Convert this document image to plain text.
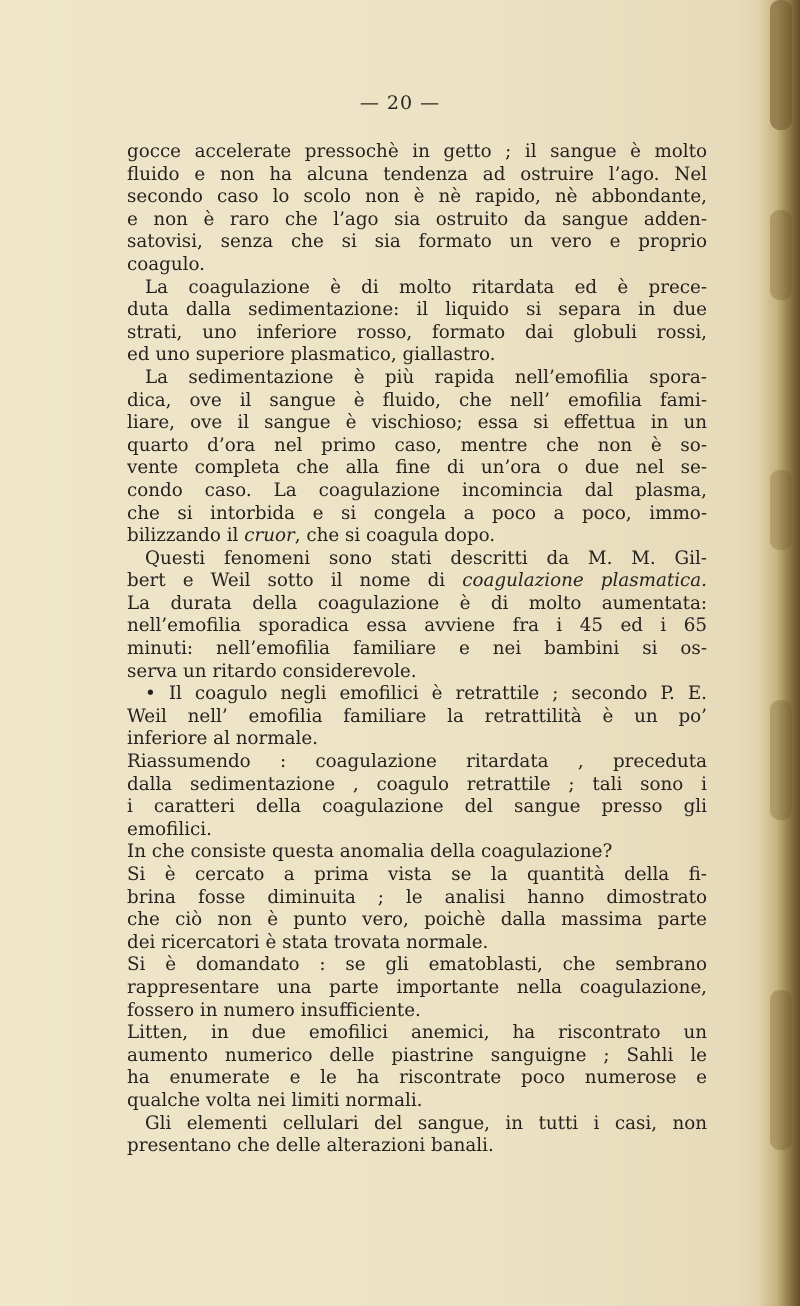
— 20 —
gocce accelerate pressochè in getto ; il sangue è molto
fluido e non ha alcuna tendenza ad ostruire l’ago. Nel
secondo caso lo scolo non è nè rapido, nè abbondante,
e non è raro che l’ago sia ostruito da sangue adden-
satovisi, senza che si sia formato un vero e proprio
coagulo.
La coagulazione è di molto ritardata ed è prece-
duta dalla sedimentazione: il liquido si separa in due
strati, uno inferiore rosso, formato dai globuli rossi,
ed uno superiore plasmatico, giallastro.
La sedimentazione è più rapida nell’emofilia spora-
dica, ove il sangue è fluido, che nell’ emofilia fami-
liare, ove il sangue è vischioso; essa si effettua in un
quarto d’ora nel primo caso, mentre che non è so-
vente completa che alla fine di un’ora o due nel se-
condo caso. La coagulazione incomincia dal plasma,
che si intorbida e si congela a poco a poco, immo-
bilizzando il cruor, che si coagula dopo.
Questi fenomeni sono stati descritti da M. M. Gil-
bert e Weil sotto il nome di coagulazione plasmatica.
La durata della coagulazione è di molto aumentata:
nell’emofilia sporadica essa avviene fra i 45 ed i 65
minuti: nell’emofilia familiare e nei bambini si os-
serva un ritardo considerevole.
• Il coagulo negli emofilici è retrattile ; secondo P. E.
Weil nell’ emofilia familiare la retrattilità è un po’
inferiore al normale.
Riassumendo : coagulazione ritardata , preceduta
dalla sedimentazione , coagulo retrattile ; tali sono i
i caratteri della coagulazione del sangue presso gli
emofilici.
In che consiste questa anomalia della coagulazione?
Si è cercato a prima vista se la quantità della fi-
brina fosse diminuita ; le analisi hanno dimostrato
che ciò non è punto vero, poichè dalla massima parte
dei ricercatori è stata trovata normale.
Si è domandato : se gli ematoblasti, che sembrano
rappresentare una parte importante nella coagulazione,
fossero in numero insufficiente.
Litten, in due emofilici anemici, ha riscontrato un
aumento numerico delle piastrine sanguigne ; Sahli le
ha enumerate e le ha riscontrate poco numerose e
qualche volta nei limiti normali.
Gli elementi cellulari del sangue, in tutti i casi, non
presentano che delle alterazioni banali.
